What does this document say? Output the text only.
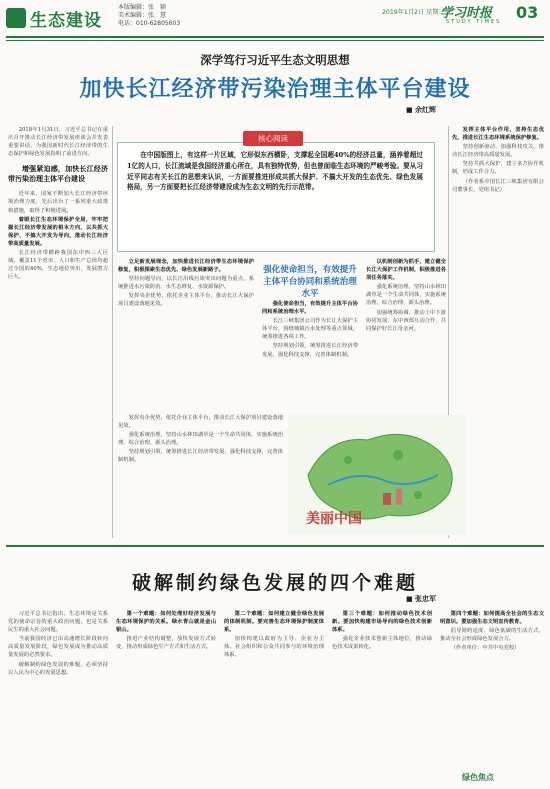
生态建设
本版编辑：张　颖
美术编辑：张　慧
电话：010-62805603
2019年1月2日 星期三
学习时报
STUDY TIMES 03
深学笃行习近平生态文明思想
加快长江经济带污染治理主体平台建设
■ 余红辉

2018年1月31日，习近平总书记在重庆召开推动长江经济带发展座谈会并发表重要讲话，为我国新时代长江经济带的生态保护和绿色发展指明了前进方向。

增强紧迫感，加快长江经济带污染治理主体平台建设

近年来，国家不断加大长江经济带环境治理力度，先后出台了一系列重大政策和措施，取得了积极进展。

着眼长江生态环境保护全局，牢牢把握长江经济带发展的根本方向，以共抓大保护、不搞大开发为导向，推动长江经济带高质量发展。

长江经济带横跨我国东中西三大区域，覆盖11个省市，人口和生产总值均超过全国的40%，生态地位突出，发展潜力巨大。

核心阅读
在中国版图上，有这样一片区域，它形似东西横卧，支撑起全国超40%的经济总量，涵养着超过1亿的人口，长江流域是我国经济重心所在，具有独特优势，但也曾面临生态环境的严峻考验。要从习近平同志有关长江的思想来认识，一方面要推进形成共抓大保护、不搞大开发的生态优先、绿色发展格局，另一方面要把长江经济带建设成为生态文明的先行示范带。

立足新发展理念，加快推进长江经济带生态环境保护修复，积极探索生态优先、绿色发展新路子。

坚持问题导向，以长江沿线污染突出问题为重点，系统推进水污染防治、水生态修复、水资源保护。

发挥央企优势，依托企业主体平台，推动长江大保护项目建设落地见效。

强化使命担当，有效提升主体平台协同和系统治理水平

强化使命担当，有效提升主体平台协同和系统治理水平。

长江三峡集团公司作为长江大保护主体平台，围绕城镇污水处理等重点领域，统筹推进各项工作。

坚持规划引领，统筹推进长江经济带发展，强化科技支撑，完善体制机制。

以机制创新为抓手，建立健全长江大保护工作机制，积极推进各项任务落实。

强化系统治理，坚持山水林田湖草是一个生命共同体，实施系统治理、综合治理、源头治理。

加强统筹协调，推动上中下游协同发展、东中西部互动合作，共同保护好长江母亲河。

发挥主体平台作用，坚持生态优先，推进长江生态环境系统保护修复。

坚持创新驱动，加强科技攻关，推动长江经济带高质量发展。

坚持共抓大保护，建立多方协作机制，形成工作合力。

（作者系中国长江三峡集团有限公司董事长、党组书记）

发挥央企优势，依托企业主体平台，推动长江大保护项目建设落地见效。

强化系统治理，坚持山水林田湖草是一个生命共同体，实施系统治理、综合治理、源头治理。

坚持规划引领，统筹推进长江经济带发展，强化科技支撑，完善体制机制。

美丽中国
破解制约绿色发展的四个难题
■ 张忠军

习近平总书记指出，生态环境是关系党的使命宗旨的重大政治问题，也是关系民生的重大社会问题。

当前我国经济已由高速增长阶段转向高质量发展阶段，绿色发展成为推动高质量发展的必然要求。

破解制约绿色发展的难题，必须坚持以人民为中心的发展思想。

第一个难题：如何处理好经济发展与生态环境保护的关系。绿水青山就是金山银山。

推进产业结构调整，加快发展方式转变，推动形成绿色生产方式和生活方式。

第二个难题：如何建立健全绿色发展的体制机制。要完善生态环境保护制度体系。

加快构建以政府为主导、企业为主体、社会组织和公众共同参与的环境治理体系。

第三个难题：如何推动绿色技术创新。要加快构建市场导向的绿色技术创新体系。

强化企业技术创新主体地位，推动绿色技术成果转化。

第四个难题：如何提高全社会的生态文明意识。要加强生态文明宣传教育。

倡导简约适度、绿色低碳的生活方式，推动全社会形成绿色发展合力。

（作者单位：中共中央党校）

绿色焦点
